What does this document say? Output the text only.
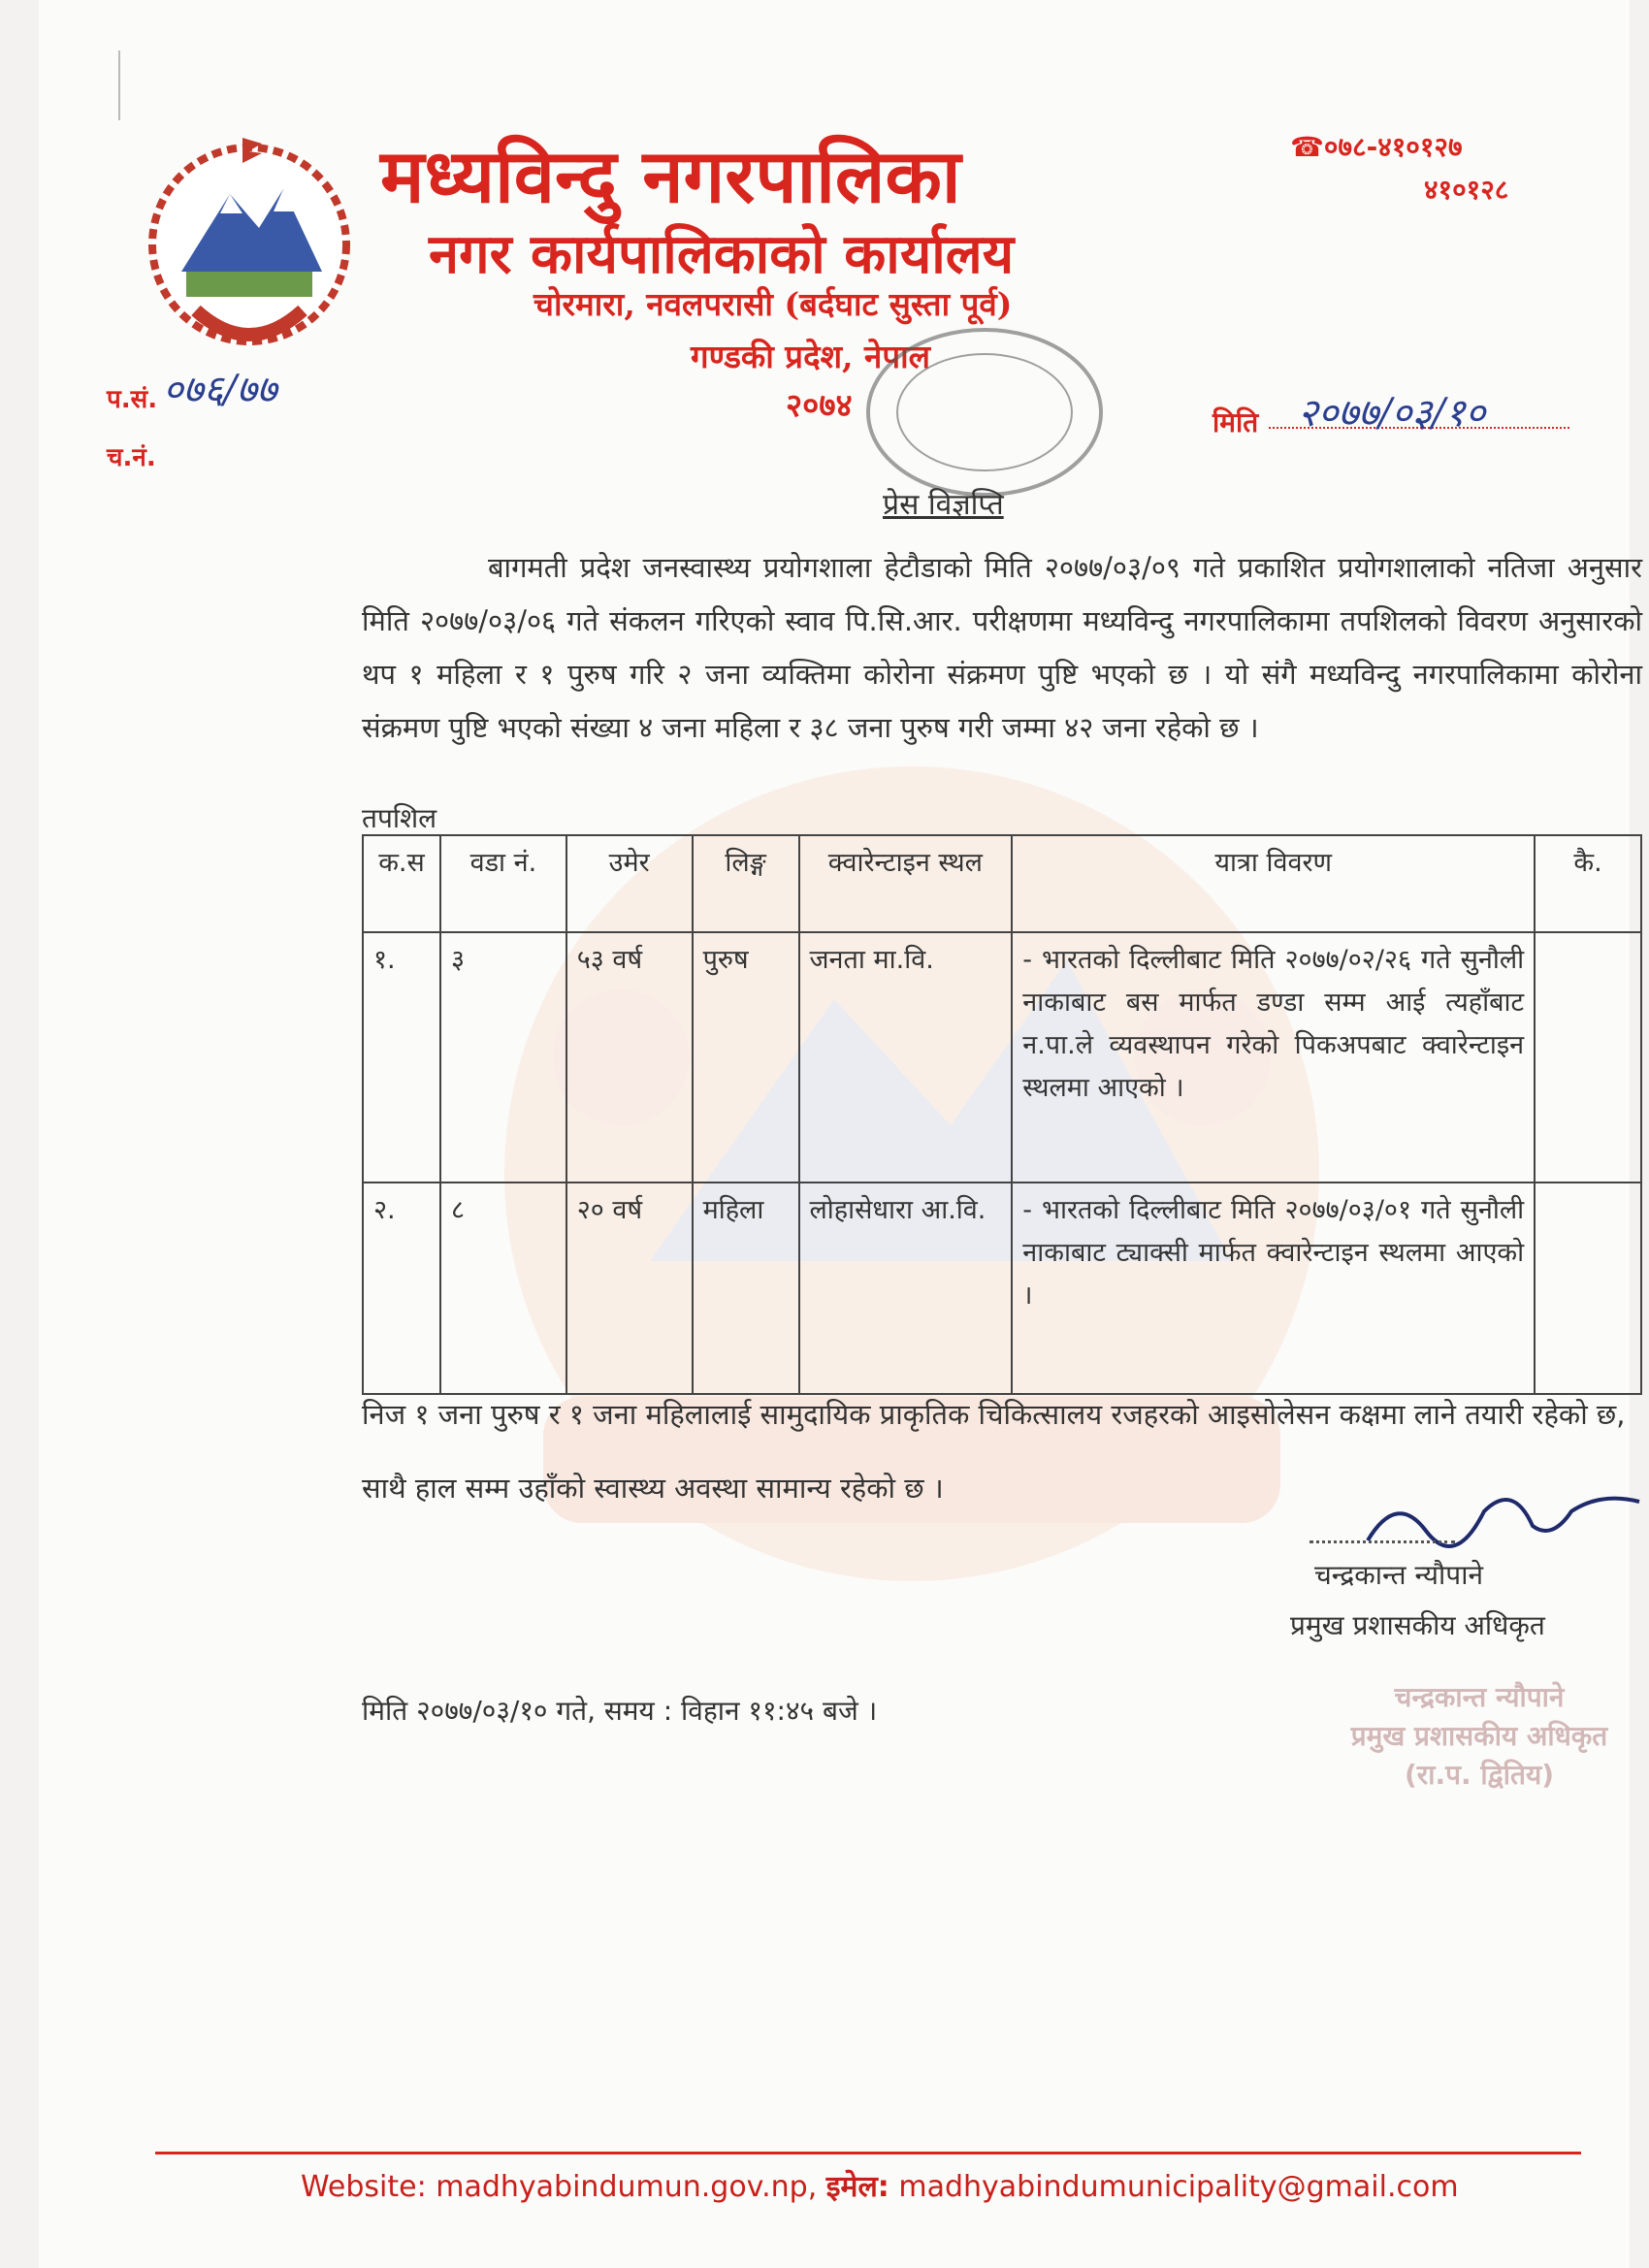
मध्यविन्दु नगरपालिका
नगर कार्यपालिकाको कार्यालय
चोरमारा, नवलपरासी (बर्दघाट सुस्ता पूर्व)
गण्डकी प्रदेश, नेपाल
२०७४
☎०७८-४१०१२७
४१०१२८
प.सं. ०७६/७७
च.नं.
मिति २०७७/०३/१०
प्रेस विज्ञप्ति
बागमती प्रदेश जनस्वास्थ्य प्रयोगशाला हेटौडाको मिति २०७७/०३/०९ गते प्रकाशित प्रयोगशालाको नतिजा अनुसार मिति २०७७/०३/०६ गते संकलन गरिएको स्वाव पि.सि.आर. परीक्षणमा मध्यविन्दु नगरपालिकामा तपशिलको विवरण अनुसारको थप १ महिला र १ पुरुष गरि २ जना व्यक्तिमा कोरोना संक्रमण पुष्टि भएको छ । यो संगै मध्यविन्दु नगरपालिकामा कोरोना संक्रमण पुष्टि भएको संख्या ४ जना महिला र ३८ जना पुरुष गरी जम्मा ४२ जना रहेको छ ।
तपशिल
क.स	वडा नं.	उमेर	लिङ्ग	क्वारेन्टाइन स्थल	यात्रा विवरण	कै.
१.	३	५३ वर्ष	पुरुष	जनता मा.वि.	- भारतको दिल्लीबाट मिति २०७७/०२/२६ गते सुनौली नाकाबाट बस मार्फत डण्डा सम्म आई त्यहाँबाट न.पा.ले व्यवस्थापन गरेको पिकअपबाट क्वारेन्टाइन स्थलमा आएको ।	
२.	८	२० वर्ष	महिला	लोहासेधारा आ.वि.	- भारतको दिल्लीबाट मिति २०७७/०३/०१ गते सुनौली नाकाबाट ट्याक्सी मार्फत क्वारेन्टाइन स्थलमा आएको ।	
निज १ जना पुरुष र १ जना महिलालाई सामुदायिक प्राकृतिक चिकित्सालय रजहरको आइसोलेसन कक्षमा लाने तयारी रहेको छ, साथै हाल सम्म उहाँको स्वास्थ्य अवस्था सामान्य रहेको छ ।
चन्द्रकान्त न्यौपाने
प्रमुख प्रशासकीय अधिकृत
चन्द्रकान्त न्यौपाने
प्रमुख प्रशासकीय अधिकृत
(रा.प. द्वितिय)
मिति २०७७/०३/१० गते, समय : विहान ११:४५ बजे ।
Website: madhyabindumun.gov.np, इमेल: madhyabindumunicipality@gmail.com
